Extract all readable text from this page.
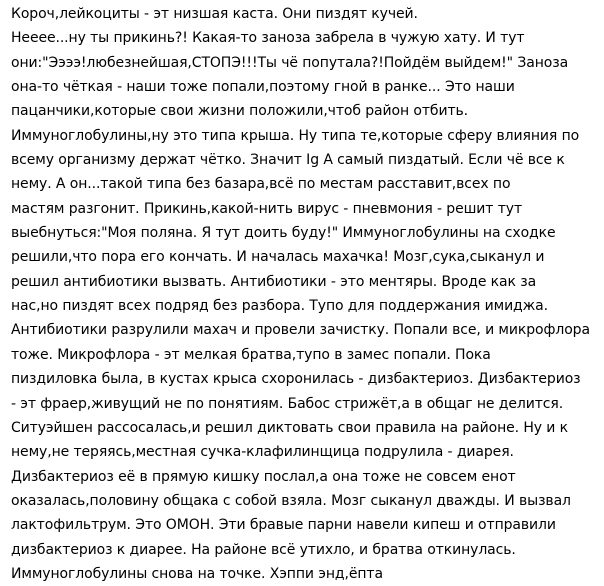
Короч,лейкоциты - эт низшая каста. Они пиздят кучей.
Нееее...ну ты прикинь?! Какая-то заноза забрела в чужую хату. И тут
они:"Ээээ!любезнейшая,СТОПЭ!!!Ты чё попутала?!Пойдём выйдем!" Заноза
она-то чёткая - наши тоже попали,поэтому гной в ранке... Это наши
пацанчики,которые свои жизни положили,чтоб район отбить.
Иммуноглобулины,ну это типа крыша. Ну типа те,которые сферу влияния по
всему организму держат чётко. Значит Ig A самый пиздатый. Если чё все к
нему. А он...такой типа без базара,всё по местам расставит,всех по
мастям разгонит. Прикинь,какой-нить вирус - пневмония - решит тут
выебнуться:"Моя поляна. Я тут доить буду!" Иммуноглобулины на сходке
решили,что пора его кончать. И началась махачка! Мозг,сука,сыканул и
решил антибиотики вызвать. Антибиотики - это ментяры. Вроде как за
нас,но пиздят всех подряд без разбора. Тупо для поддержания имиджа.
Антибиотики разрулили махач и провели зачистку. Попали все, и микрофлора
тоже. Микрофлора - эт мелкая братва,тупо в замес попали. Пока
пиздиловка была, в кустах крыса схоронилась - дизбактериоз. Дизбактериоз
- эт фраер,живущий не по понятиям. Бабос стрижёт,а в общаг не делится.
Ситуэйшен рассосалась,и решил диктовать свои правила на районе. Ну и к
нему,не теряясь,местная сучка-клафилинщица подрулила - диарея.
Дизбактериоз её в прямую кишку послал,а она тоже не совсем енот
оказалась,половину общака с собой взяла. Мозг сыканул дважды. И вызвал
лактофильтрум. Это ОМОН. Эти бравые парни навели кипеш и отправили
дизбактериоз к диарее. На районе всё утихло, и братва откинулась.
Иммуноглобулины снова на точке. Хэппи энд,ёпта
